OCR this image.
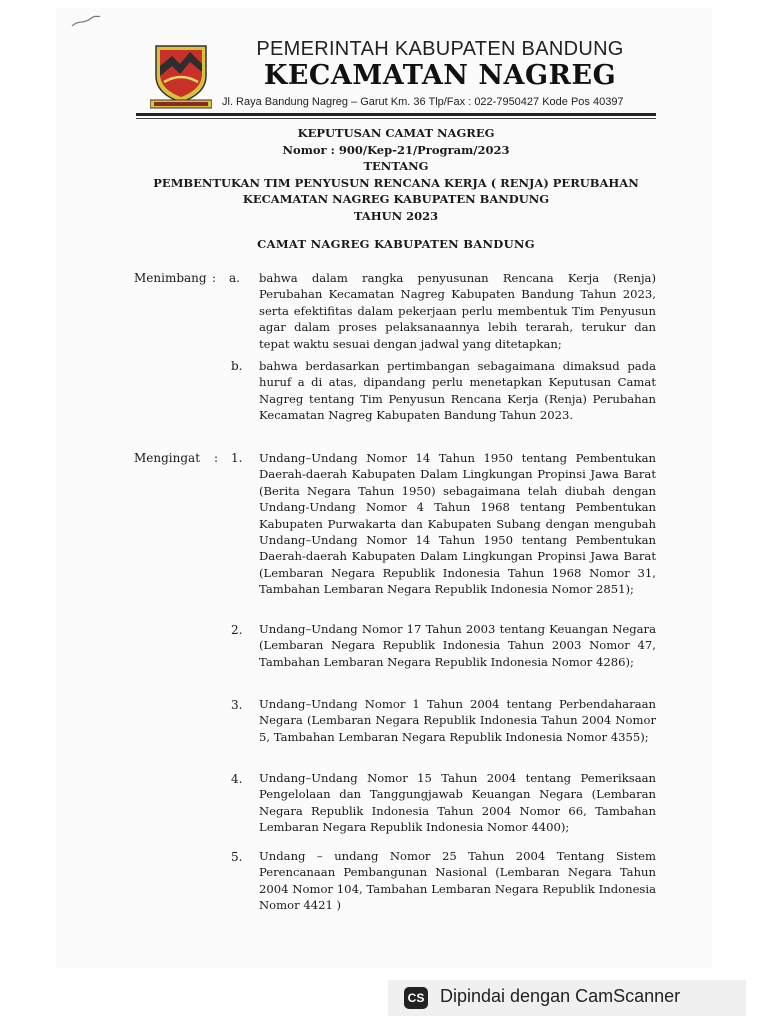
PEMERINTAH KABUPATEN BANDUNG
KECAMATAN NAGREG
Jl. Raya Bandung Nagreg – Garut Km. 36 Tlp/Fax : 022-7950427 Kode Pos 40397
KEPUTUSAN CAMAT NAGREG
Nomor : 900/Kep-21/Program/2023
TENTANG
PEMBENTUKAN TIM PENYUSUN RENCANA KERJA ( RENJA) PERUBAHAN
KECAMATAN NAGREG KABUPATEN BANDUNG
TAHUN 2023
CAMAT NAGREG KABUPATEN BANDUNG
Menimbang : a. bahwa dalam rangka penyusunan Rencana Kerja (Renja) Perubahan Kecamatan Nagreg Kabupaten Bandung Tahun 2023, serta efektifitas dalam pekerjaan perlu membentuk Tim Penyusun agar dalam proses pelaksanaannya lebih terarah, terukur dan tepat waktu sesuai dengan jadwal yang ditetapkan;
b. bahwa berdasarkan pertimbangan sebagaimana dimaksud pada huruf a di atas, dipandang perlu menetapkan Keputusan Camat Nagreg tentang Tim Penyusun Rencana Kerja (Renja) Perubahan Kecamatan Nagreg Kabupaten Bandung Tahun 2023.
Mengingat : 1. Undang–Undang Nomor 14 Tahun 1950 tentang Pembentukan Daerah-daerah Kabupaten Dalam Lingkungan Propinsi Jawa Barat (Berita Negara Tahun 1950) sebagaimana telah diubah dengan Undang-Undang Nomor 4 Tahun 1968 tentang Pembentukan Kabupaten Purwakarta dan Kabupaten Subang dengan mengubah Undang–Undang Nomor 14 Tahun 1950 tentang Pembentukan Daerah-daerah Kabupaten Dalam Lingkungan Propinsi Jawa Barat (Lembaran Negara Republik Indonesia Tahun 1968 Nomor 31, Tambahan Lembaran Negara Republik Indonesia Nomor 2851);
2. Undang–Undang Nomor 17 Tahun 2003 tentang Keuangan Negara (Lembaran Negara Republik Indonesia Tahun 2003 Nomor 47, Tambahan Lembaran Negara Republik Indonesia Nomor 4286);
3. Undang–Undang Nomor 1 Tahun 2004 tentang Perbendaharaan Negara (Lembaran Negara Republik Indonesia Tahun 2004 Nomor 5, Tambahan Lembaran Negara Republik Indonesia Nomor 4355);
4. Undang–Undang Nomor 15 Tahun 2004 tentang Pemeriksaan Pengelolaan dan Tanggungjawab Keuangan Negara (Lembaran Negara Republik Indonesia Tahun 2004 Nomor 66, Tambahan Lembaran Negara Republik Indonesia Nomor 4400);
5. Undang – undang Nomor 25 Tahun 2004 Tentang Sistem Perencanaan Pembangunan Nasional (Lembaran Negara Tahun 2004 Nomor 104, Tambahan Lembaran Negara Republik Indonesia Nomor 4421 )
CS Dipindai dengan CamScanner
